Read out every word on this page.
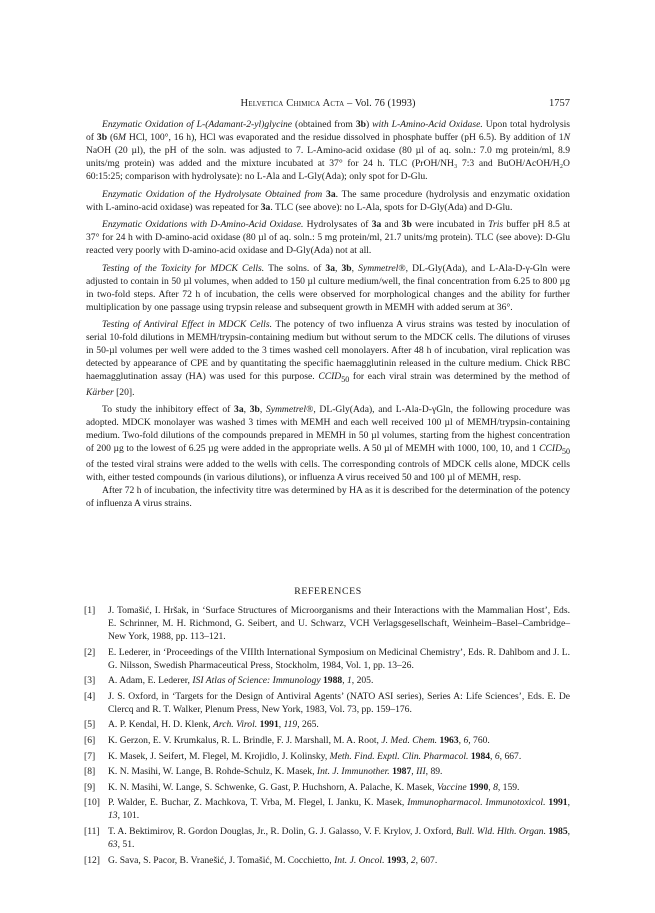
Helvetica Chimica Acta – Vol. 76 (1993)	1757

Enzymatic Oxidation of L-(Adamant-2-yl)glycine (obtained from 3b) with L-Amino-Acid Oxidase. Upon total hydrolysis of 3b (6M HCl, 100°, 16 h), HCl was evaporated and the residue dissolved in phosphate buffer (pH 6.5). By addition of 1N NaOH (20 µl), the pH of the soln. was adjusted to 7. L-Amino-acid oxidase (80 µl of aq. soln.: 7.0 mg protein/ml, 8.9 units/mg protein) was added and the mixture incubated at 37° for 24 h. TLC (PrOH/NH₃ 7:3 and BuOH/AcOH/H₂O 60:15:25; comparison with hydrolysate): no L-Ala and L-Gly(Ada); only spot for D-Glu.

Enzymatic Oxidation of the Hydrolysate Obtained from 3a. The same procedure (hydrolysis and enzymatic oxidation with L-amino-acid oxidase) was repeated for 3a. TLC (see above): no L-Ala, spots for D-Gly(Ada) and D-Glu.

Enzymatic Oxidations with D-Amino-Acid Oxidase. Hydrolysates of 3a and 3b were incubated in Tris buffer pH 8.5 at 37° for 24 h with D-amino-acid oxidase (80 µl of aq. soln.: 5 mg protein/ml, 21.7 units/mg protein). TLC (see above): D-Glu reacted very poorly with D-amino-acid oxidase and D-Gly(Ada) not at all.

Testing of the Toxicity for MDCK Cells. The solns. of 3a, 3b, Symmetrel®, DL-Gly(Ada), and L-Ala-D-γ-Gln were adjusted to contain in 50 µl volumes, when added to 150 µl culture medium/well, the final concentration from 6.25 to 800 µg in two-fold steps. After 72 h of incubation, the cells were observed for morphological changes and the ability for further multiplication by one passage using trypsin release and subsequent growth in MEMH with added serum at 36°.

Testing of Antiviral Effect in MDCK Cells. The potency of two influenza A virus strains was tested by inoculation of serial 10-fold dilutions in MEMH/trypsin-containing medium but without serum to the MDCK cells. The dilutions of viruses in 50-µl volumes per well were added to the 3 times washed cell monolayers. After 48 h of incubation, viral replication was detected by appearance of CPE and by quantitating the specific haemagglutinin released in the culture medium. Chick RBC haemagglutination assay (HA) was used for this purpose. $CCID_{50}$ for each viral strain was determined by the method of Kärber [20].

To study the inhibitory effect of 3a, 3b, Symmetrel®, DL-Gly(Ada), and L-Ala-D-γGln, the following procedure was adopted. MDCK monolayer was washed 3 times with MEMH and each well received 100 µl of MEMH/trypsin-containing medium. Two-fold dilutions of the compounds prepared in MEMH in 50 µl volumes, starting from the highest concentration of 200 µg to the lowest of 6.25 µg were added in the appropriate wells. A 50 µl of MEMH with 1000, 100, 10, and 1 $CCID_{50}$ of the tested viral strains were added to the wells with cells. The corresponding controls of MDCK cells alone, MDCK cells with, either tested compounds (in various dilutions), or influenza A virus received 50 and 100 µl of MEMH, resp.

After 72 h of incubation, the infectivity titre was determined by HA as it is described for the determination of the potency of influenza A virus strains.

REFERENCES
[1] J. Tomašić, I. Hršak, in ‘Surface Structures of Microorganisms and their Interactions with the Mammalian Host’, Eds. E. Schrinner, M. H. Richmond, G. Seibert, and U. Schwarz, VCH Verlagsgesellschaft, Weinheim–Basel–Cambridge–New York, 1988, pp. 113–121.
[2] E. Lederer, in ‘Proceedings of the VIIIth International Symposium on Medicinal Chemistry’, Eds. R. Dahlbom and J. L. G. Nilsson, Swedish Pharmaceutical Press, Stockholm, 1984, Vol. 1, pp. 13–26.
[3] A. Adam, E. Lederer, ISI Atlas of Science: Immunology 1988, 1, 205.
[4] J. S. Oxford, in ‘Targets for the Design of Antiviral Agents’ (NATO ASI series), Series A: Life Sciences’, Eds. E. De Clercq and R. T. Walker, Plenum Press, New York, 1983, Vol. 73, pp. 159–176.
[5] A. P. Kendal, H. D. Klenk, Arch. Virol. 1991, 119, 265.
[6] K. Gerzon, E. V. Krumkalus, R. L. Brindle, F. J. Marshall, M. A. Root, J. Med. Chem. 1963, 6, 760.
[7] K. Masek, J. Seifert, M. Flegel, M. Krojidlo, J. Kolinsky, Meth. Find. Exptl. Clin. Pharmacol. 1984, 6, 667.
[8] K. N. Masihi, W. Lange, B. Rohde-Schulz, K. Masek, Int. J. Immunother. 1987, III, 89.
[9] K. N. Masihi, W. Lange, S. Schwenke, G. Gast, P. Huchshorn, A. Palache, K. Masek, Vaccine 1990, 8, 159.
[10] P. Walder, E. Buchar, Z. Machkova, T. Vrba, M. Flegel, I. Janku, K. Masek, Immunopharmacol. Immunotoxicol. 1991, 13, 101.
[11] T. A. Bektimirov, R. Gordon Douglas, Jr., R. Dolin, G. J. Galasso, V. F. Krylov, J. Oxford, Bull. Wld. Hlth. Organ. 1985, 63, 51.
[12] G. Sava, S. Pacor, B. Vranešić, J. Tomašić, M. Cocchietto, Int. J. Oncol. 1993, 2, 607.
